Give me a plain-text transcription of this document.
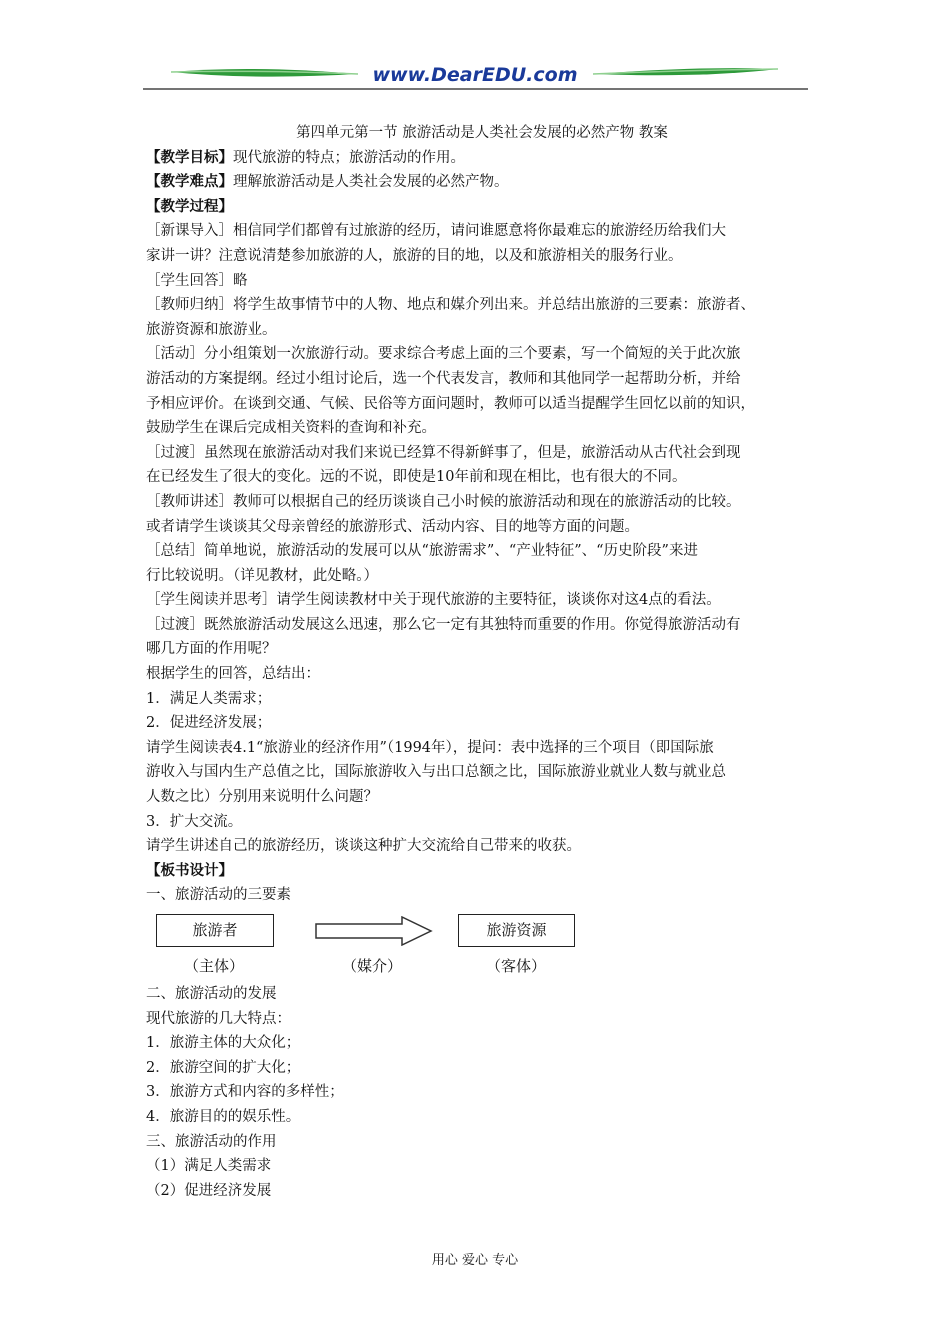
www.DearEDU.com

第四单元第一节 旅游活动是人类社会发展的必然产物 教案

【教学目标】现代旅游的特点；旅游活动的作用。

【教学难点】理解旅游活动是人类社会发展的必然产物。

【教学过程】

［新课导入］相信同学们都曾有过旅游的经历，请问谁愿意将你最难忘的旅游经历给我们大

家讲一讲？注意说清楚参加旅游的人，旅游的目的地，以及和旅游相关的服务行业。

［学生回答］略

［教师归纳］将学生故事情节中的人物、地点和媒介列出来。并总结出旅游的三要素：旅游者、

旅游资源和旅游业。

［活动］分小组策划一次旅游行动。要求综合考虑上面的三个要素，写一个简短的关于此次旅

游活动的方案提纲。经过小组讨论后，选一个代表发言，教师和其他同学一起帮助分析，并给

予相应评价。在谈到交通、气候、民俗等方面问题时，教师可以适当提醒学生回忆以前的知识，

鼓励学生在课后完成相关资料的查询和补充。

［过渡］虽然现在旅游活动对我们来说已经算不得新鲜事了，但是，旅游活动从古代社会到现

在已经发生了很大的变化。远的不说，即使是10年前和现在相比，也有很大的不同。

［教师讲述］教师可以根据自己的经历谈谈自己小时候的旅游活动和现在的旅游活动的比较。

或者请学生谈谈其父母亲曾经的旅游形式、活动内容、目的地等方面的问题。

［总结］简单地说，旅游活动的发展可以从“旅游需求”、“产业特征”、“历史阶段”来进

行比较说明。（详见教材，此处略。）

［学生阅读并思考］请学生阅读教材中关于现代旅游的主要特征，谈谈你对这4点的看法。

［过渡］既然旅游活动发展这么迅速，那么它一定有其独特而重要的作用。你觉得旅游活动有

哪几方面的作用呢？

根据学生的回答，总结出：

1．满足人类需求；

2．促进经济发展；

请学生阅读表4.1“旅游业的经济作用”（1994年），提问：表中选择的三个项目（即国际旅

游收入与国内生产总值之比，国际旅游收入与出口总额之比，国际旅游业就业人数与就业总

人数之比）分别用来说明什么问题？

3．扩大交流。

请学生讲述自己的旅游经历，谈谈这种扩大交流给自己带来的收获。

【板书设计】

一、旅游活动的三要素

旅游者	旅游资源
（主体）	（媒介）	（客体）

二、旅游活动的发展

现代旅游的几大特点：

1．旅游主体的大众化；

2．旅游空间的扩大化；

3．旅游方式和内容的多样性；

4．旅游目的的娱乐性。

三、旅游活动的作用

（1）满足人类需求

（2）促进经济发展

用心 爱心 专心
